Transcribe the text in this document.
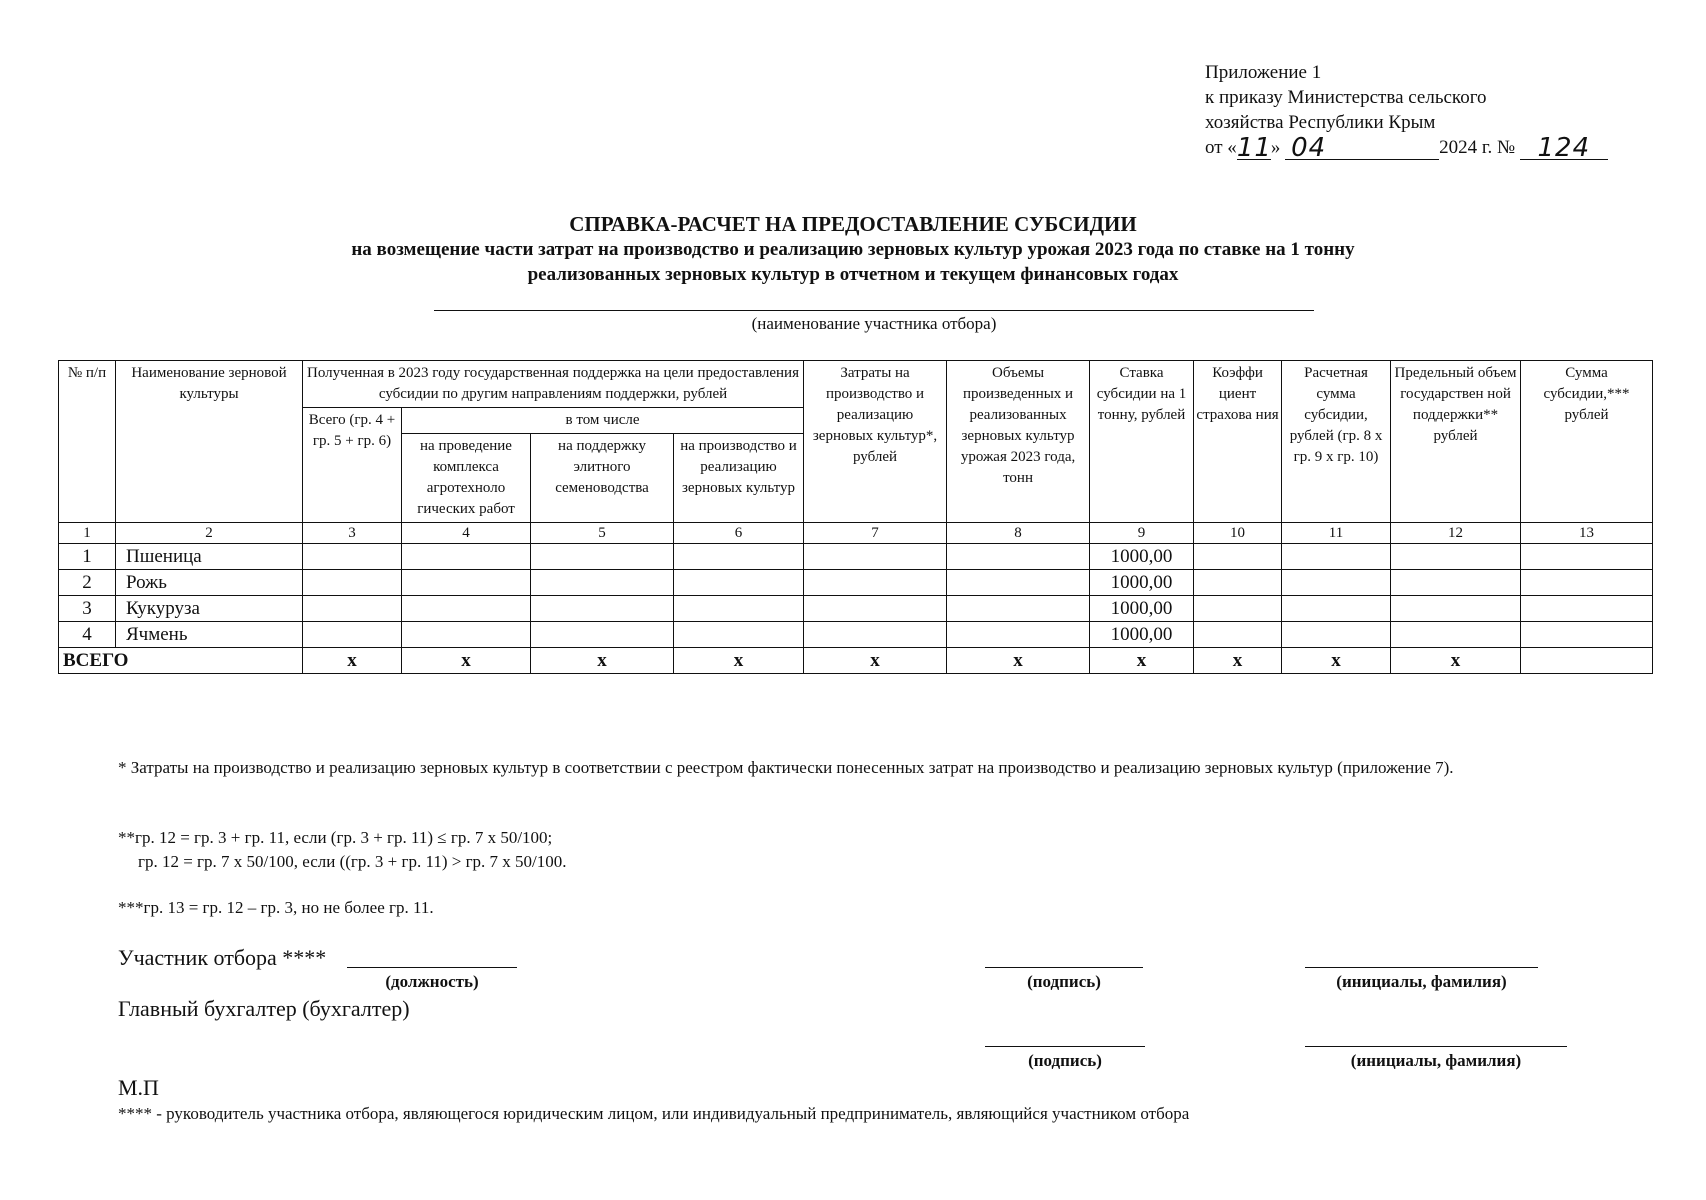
Приложение 1
к приказу Министерства сельского
хозяйства Республики Крым
от «11» 04	2024 г. № 124
СПРАВКА-РАСЧЕТ НА ПРЕДОСТАВЛЕНИЕ СУБСИДИИ
на возмещение части затрат на производство и реализацию зерновых культур урожая 2023 года по ставке на 1 тонну
реализованных зерновых культур в отчетном и текущем финансовых годах
(наименование участника отбора)
№ п/п	Наименование зерновой культуры	Полученная в 2023 году государственная поддержка на цели предоставления субсидии по другим направлениям поддержки, рублей				Затраты на производство и реализацию зерновых культур*, рублей	Объемы произведенных и реализованных зерновых культур урожая 2023 года, тонн	Ставка субсидии на 1 тонну, рублей	Коэффи циент страхова ния	Расчетная сумма субсидии, рублей (гр. 8 х гр. 9 х гр. 10)	Предельный объем государствен ной поддержки** рублей	Сумма субсидии,*** рублей
		Всего (гр. 4 + гр. 5 + гр. 6)	в том числе									
			на проведение комплекса агротехноло гических работ	на поддержку элитного семеноводства	на производство и реализацию зерновых культур							
1	2	3	4	5	6	7	8	9	10	11	12	13
1	Пшеница							1000,00				
2	Рожь							1000,00				
3	Кукуруза							1000,00				
4	Ячмень							1000,00				
ВСЕГО		х	х	х	х	х	х	х	х	х	х	
* Затраты на производство и реализацию зерновых культур в соответствии с реестром фактически понесенных затрат на производство и реализацию зерновых культур (приложение 7).
**гр. 12 = гр. 3 + гр. 11, если (гр. 3 + гр. 11) ≤ гр. 7 х 50/100;
гр. 12 = гр. 7 х 50/100, если ((гр. 3 + гр. 11) > гр. 7 х 50/100.
***гр. 13 = гр. 12 – гр. 3, но не более гр. 11.
Участник отбора ****
(должность)	(подпись)	(инициалы, фамилия)
Главный бухгалтер (бухгалтер)
(подпись)	(инициалы, фамилия)
М.П
**** - руководитель участника отбора, являющегося юридическим лицом, или индивидуальный предприниматель, являющийся участником отбора
